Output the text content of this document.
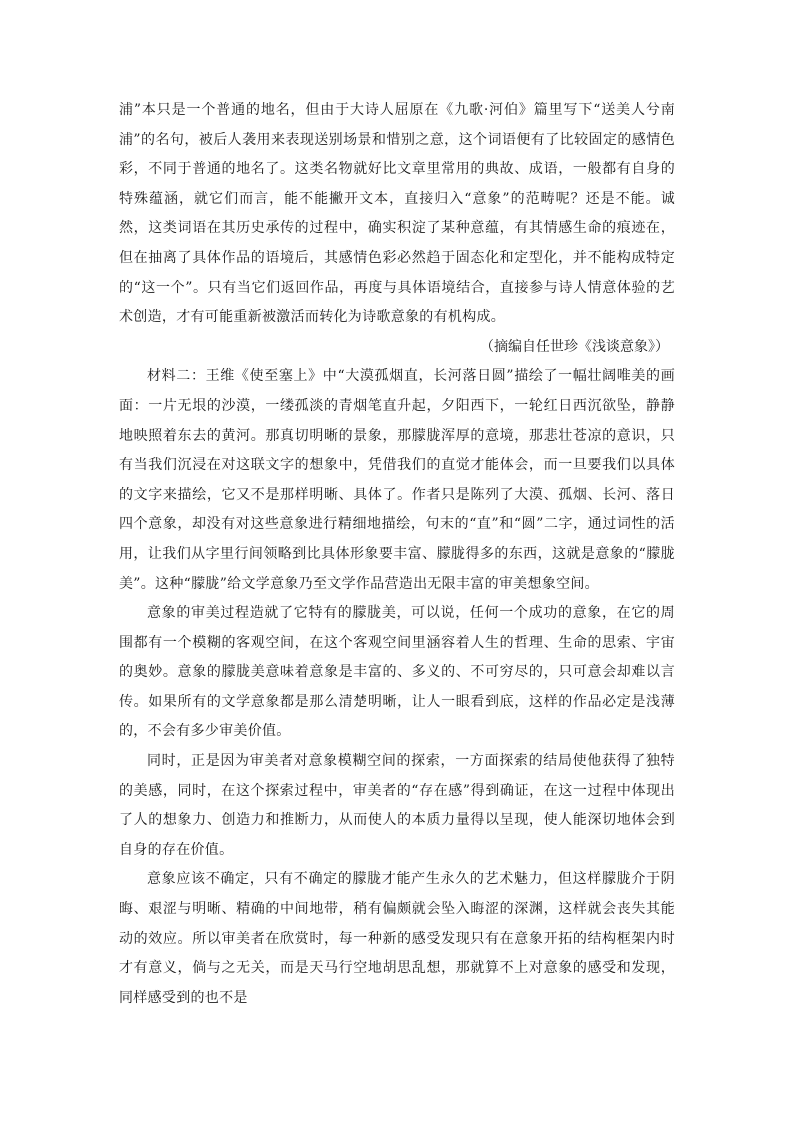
浦”本只是一个普通的地名，但由于大诗人屈原在《九歌·河伯》篇里写下“送美人兮南浦”的名句，被后人袭用来表现送别场景和惜别之意，这个词语便有了比较固定的感情色彩，不同于普通的地名了。这类名物就好比文章里常用的典故、成语，一般都有自身的特殊蕴涵，就它们而言，能不能撇开文本，直接归入“意象”的范畴呢？还是不能。诚然，这类词语在其历史承传的过程中，确实积淀了某种意蕴，有其情感生命的痕迹在，但在抽离了具体作品的语境后，其感情色彩必然趋于固态化和定型化，并不能构成特定的“这一个”。只有当它们返回作品，再度与具体语境结合，直接参与诗人情意体验的艺术创造，才有可能重新被激活而转化为诗歌意象的有机构成。

（摘编自任世珍《浅谈意象》）

材料二：王维《使至塞上》中“大漠孤烟直，长河落日圆”描绘了一幅壮阔唯美的画面：一片无垠的沙漠，一缕孤淡的青烟笔直升起，夕阳西下，一轮红日西沉欲坠，静静地映照着东去的黄河。那真切明晰的景象，那朦胧浑厚的意境，那悲壮苍凉的意识，只有当我们沉浸在对这联文字的想象中，凭借我们的直觉才能体会，而一旦要我们以具体的文字来描绘，它又不是那样明晰、具体了。作者只是陈列了大漠、孤烟、长河、落日四个意象，却没有对这些意象进行精细地描绘，句末的“直”和“圆”二字，通过词性的活用，让我们从字里行间领略到比具体形象要丰富、朦胧得多的东西，这就是意象的“朦胧美”。这种“朦胧”给文学意象乃至文学作品营造出无限丰富的审美想象空间。

意象的审美过程造就了它特有的朦胧美，可以说，任何一个成功的意象，在它的周围都有一个模糊的客观空间，在这个客观空间里涵容着人生的哲理、生命的思索、宇宙的奥妙。意象的朦胧美意味着意象是丰富的、多义的、不可穷尽的，只可意会却难以言传。如果所有的文学意象都是那么清楚明晰，让人一眼看到底，这样的作品必定是浅薄的，不会有多少审美价值。

同时，正是因为审美者对意象模糊空间的探索，一方面探索的结局使他获得了独特的美感，同时，在这个探索过程中，审美者的“存在感”得到确证，在这一过程中体现出了人的想象力、创造力和推断力，从而使人的本质力量得以呈现，使人能深切地体会到自身的存在价值。

意象应该不确定，只有不确定的朦胧才能产生永久的艺术魅力，但这样朦胧介于阴晦、艰涩与明晰、精确的中间地带，稍有偏颇就会坠入晦涩的深渊，这样就会丧失其能动的效应。所以审美者在欣赏时，每一种新的感受发现只有在意象开拓的结构框架内时才有意义，倘与之无关，而是天马行空地胡思乱想，那就算不上对意象的感受和发现，同样感受到的也不是
